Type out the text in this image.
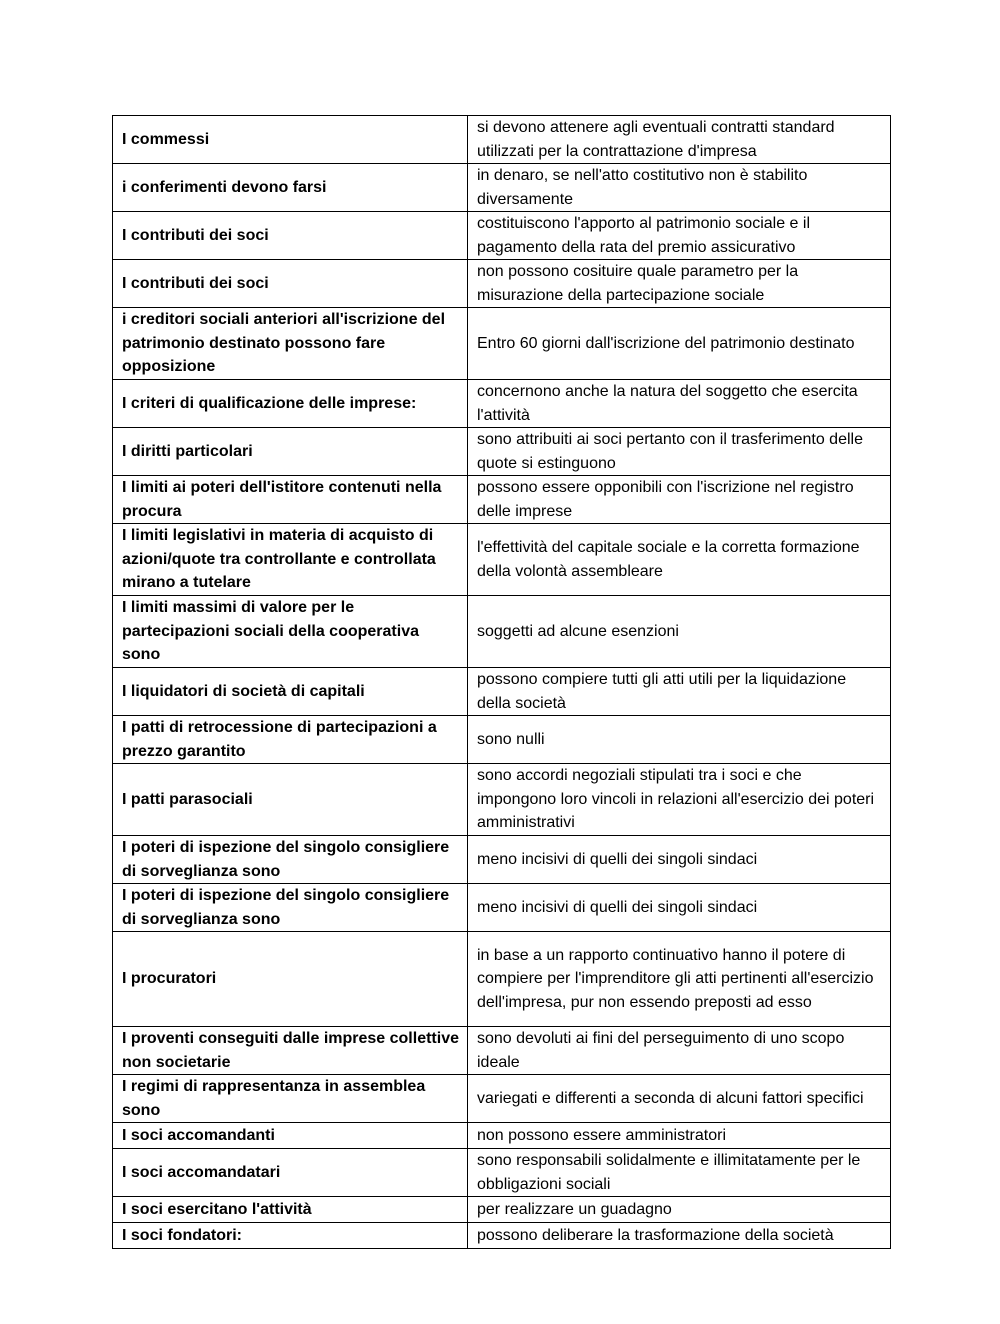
I commessi	si devono attenere agli eventuali contratti standard utilizzati per la contrattazione d'impresa
i conferimenti devono farsi	in denaro, se nell'atto costitutivo non è stabilito diversamente
I contributi dei soci	costituiscono l'apporto al patrimonio sociale e il pagamento della rata del premio assicurativo
I contributi dei soci	non possono cosituire quale parametro per la misurazione della partecipazione sociale
i creditori sociali anteriori all'iscrizione del patrimonio destinato possono fare opposizione	Entro 60 giorni dall'iscrizione del patrimonio destinato
I criteri di qualificazione delle imprese:	concernono anche la natura del soggetto che esercita l'attività
I diritti particolari	sono attribuiti ai soci pertanto con il trasferimento delle quote si estinguono
I limiti ai poteri dell'istitore contenuti nella procura	possono essere opponibili con l'iscrizione nel registro delle imprese
I limiti legislativi in materia di acquisto di azioni/quote tra controllante e controllata mirano a tutelare	l'effettività del capitale sociale e la corretta formazione della volontà assembleare
I limiti massimi di valore per le partecipazioni sociali della cooperativa sono	soggetti ad alcune esenzioni
I liquidatori di società di capitali	possono compiere tutti gli atti utili per la liquidazione della società
I patti di retrocessione di partecipazioni a prezzo garantito	sono nulli
I patti parasociali	sono accordi negoziali stipulati tra i soci e che impongono loro vincoli in relazioni all'esercizio dei poteri amministrativi
I poteri di ispezione del singolo consigliere di sorveglianza sono	meno incisivi di quelli dei singoli sindaci
I poteri di ispezione del singolo consigliere di sorveglianza sono	meno incisivi di quelli dei singoli sindaci
I procuratori	in base a un rapporto continuativo hanno il potere di compiere per l'imprenditore gli atti pertinenti all'esercizio dell'impresa, pur non essendo preposti ad esso
I proventi conseguiti dalle imprese collettive non societarie	sono devoluti ai fini del perseguimento di uno scopo ideale
I regimi di rappresentanza in assemblea sono	variegati e differenti a seconda di alcuni fattori specifici
I soci accomandanti	non possono essere amministratori
I soci accomandatari	sono responsabili solidalmente e illimitatamente per le obbligazioni sociali
I soci esercitano l'attività	per realizzare un guadagno
I soci fondatori:	possono deliberare la trasformazione della società
